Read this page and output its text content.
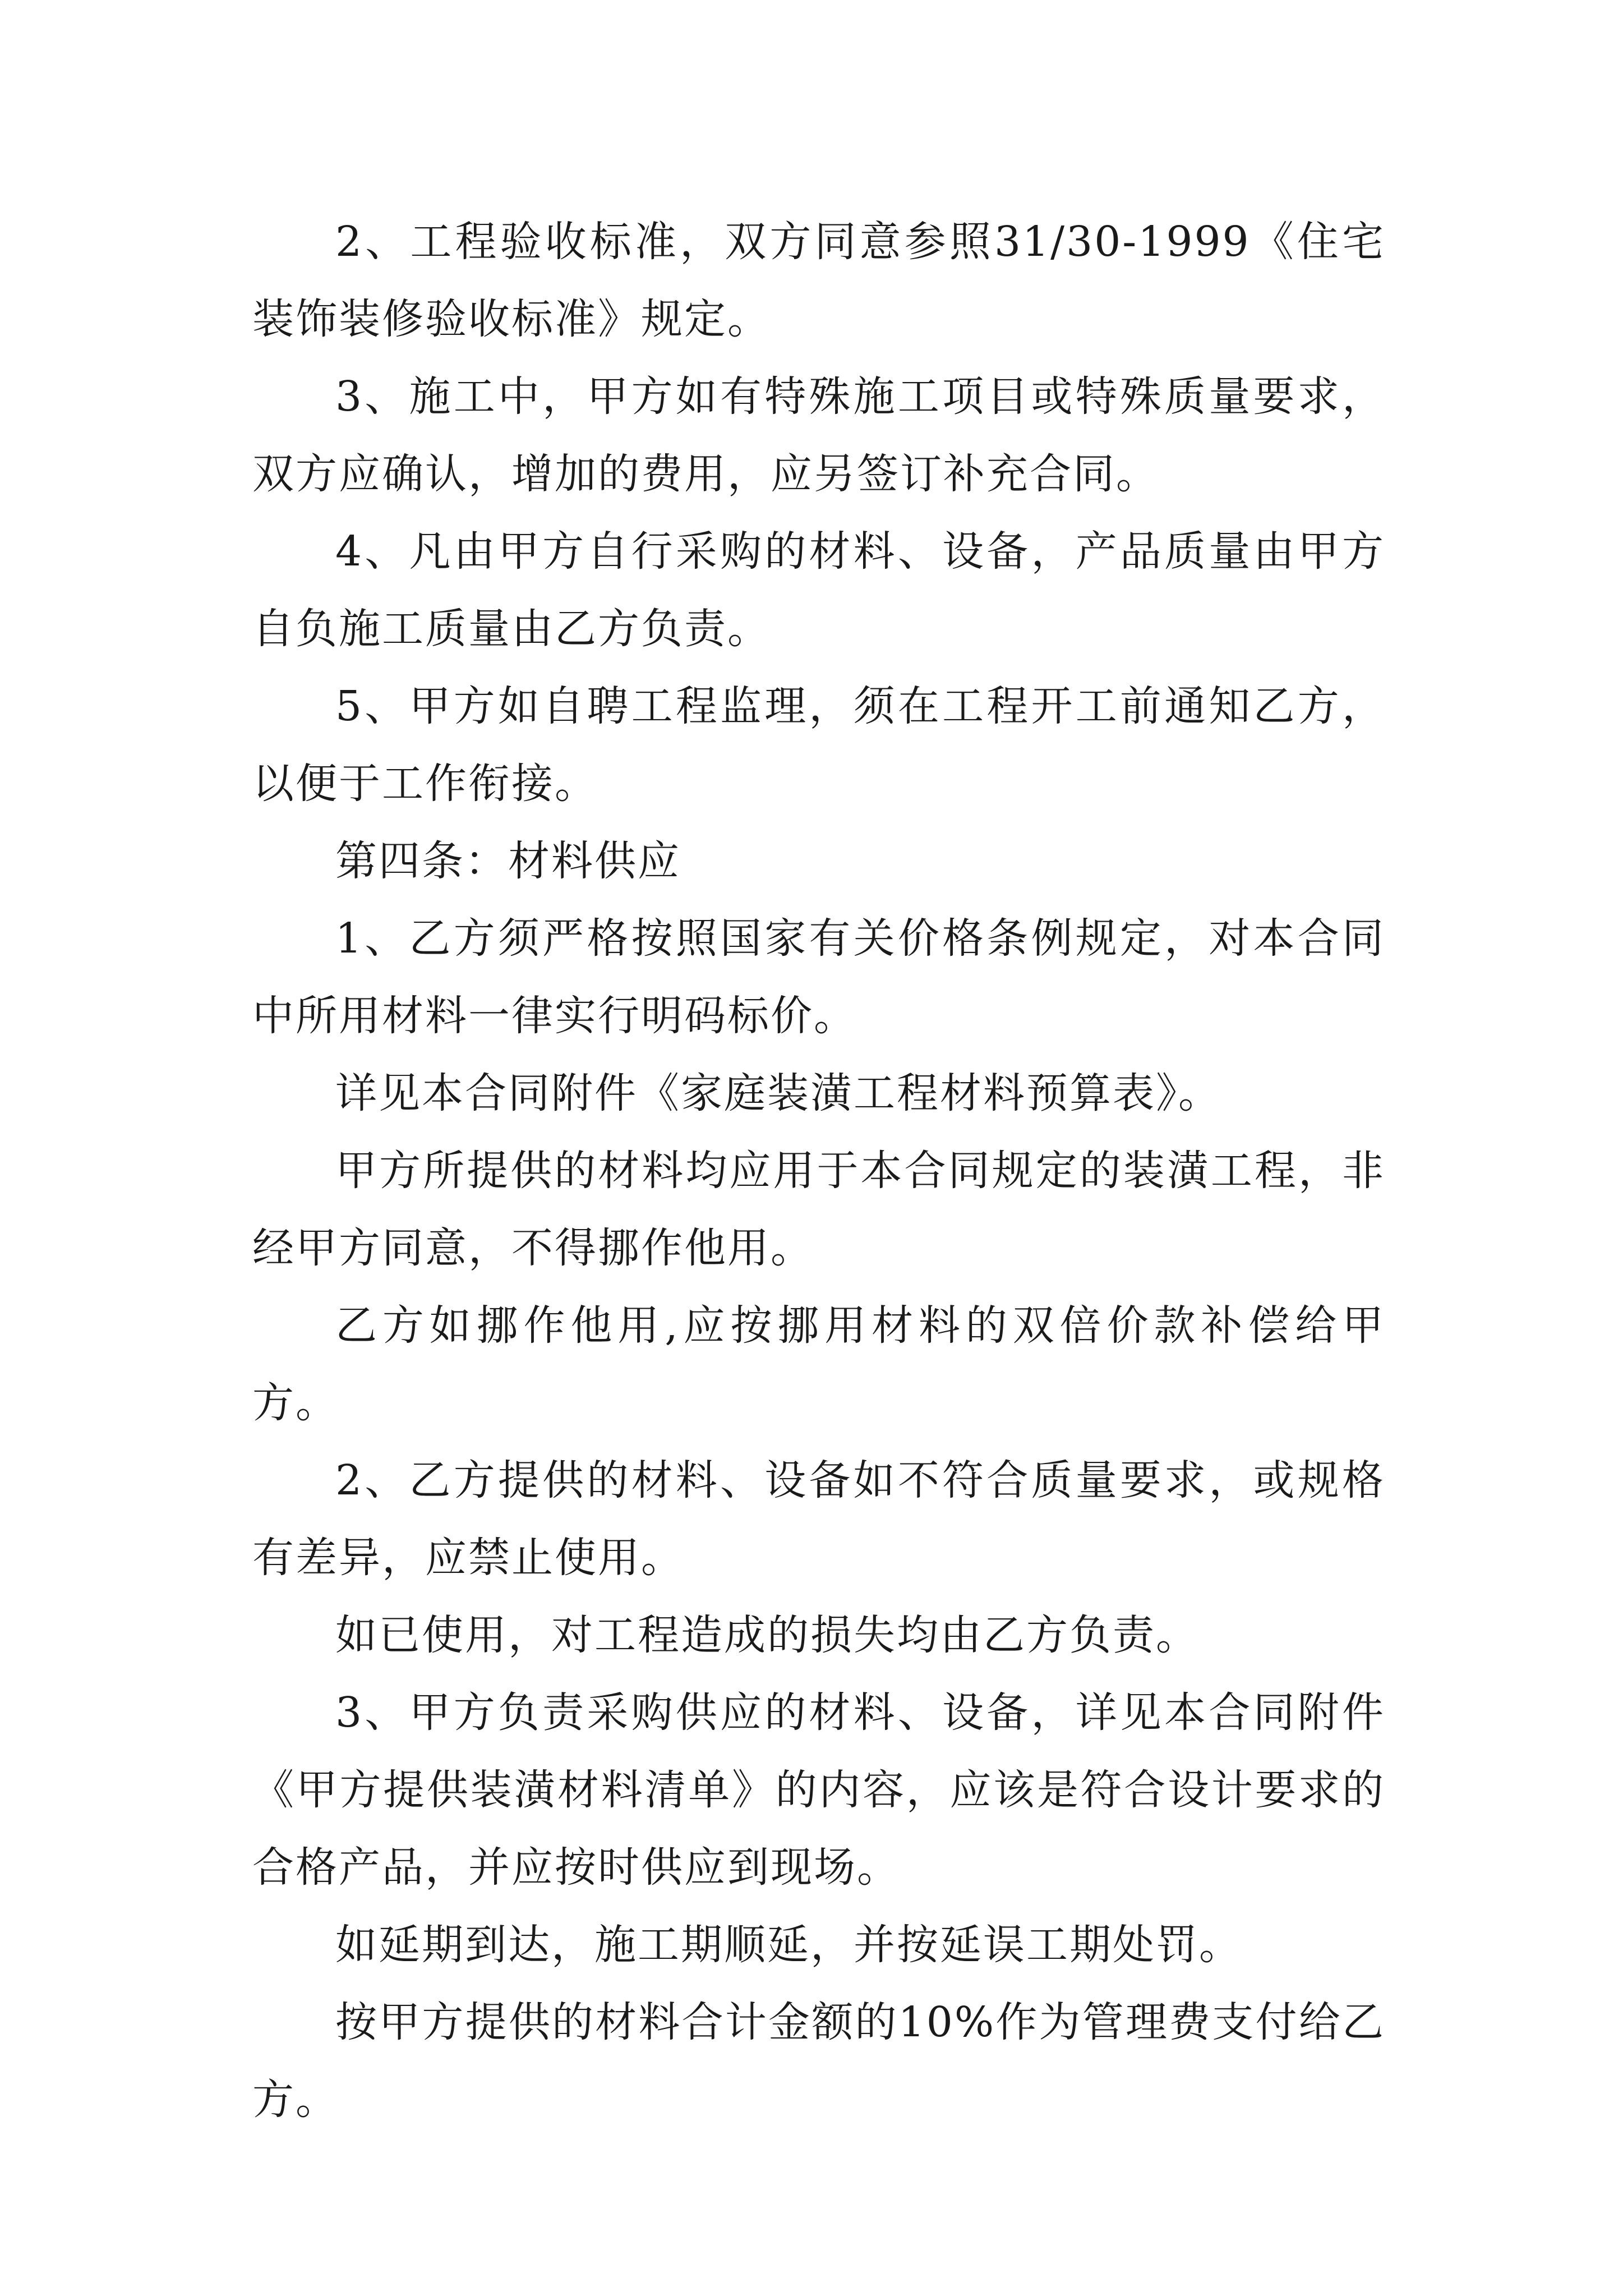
2、工程验收标准，双方同意参照31/30-1999《住宅装饰装修验收标准》规定。

3、施工中，甲方如有特殊施工项目或特殊质量要求，双方应确认，增加的费用，应另签订补充合同。

4、凡由甲方自行采购的材料、设备，产品质量由甲方自负施工质量由乙方负责。

5、甲方如自聘工程监理，须在工程开工前通知乙方，以便于工作衔接。

第四条：材料供应

1、乙方须严格按照国家有关价格条例规定，对本合同中所用材料一律实行明码标价。

详见本合同附件《家庭装潢工程材料预算表》。

甲方所提供的材料均应用于本合同规定的装潢工程，非经甲方同意，不得挪作他用。

乙方如挪作他用,应按挪用材料的双倍价款补偿给甲方。

2、乙方提供的材料、设备如不符合质量要求，或规格有差异，应禁止使用。

如已使用，对工程造成的损失均由乙方负责。

3、甲方负责采购供应的材料、设备，详见本合同附件《甲方提供装潢材料清单》的内容，应该是符合设计要求的合格产品，并应按时供应到现场。

如延期到达，施工期顺延，并按延误工期处罚。

按甲方提供的材料合计金额的10%作为管理费支付给乙方。
